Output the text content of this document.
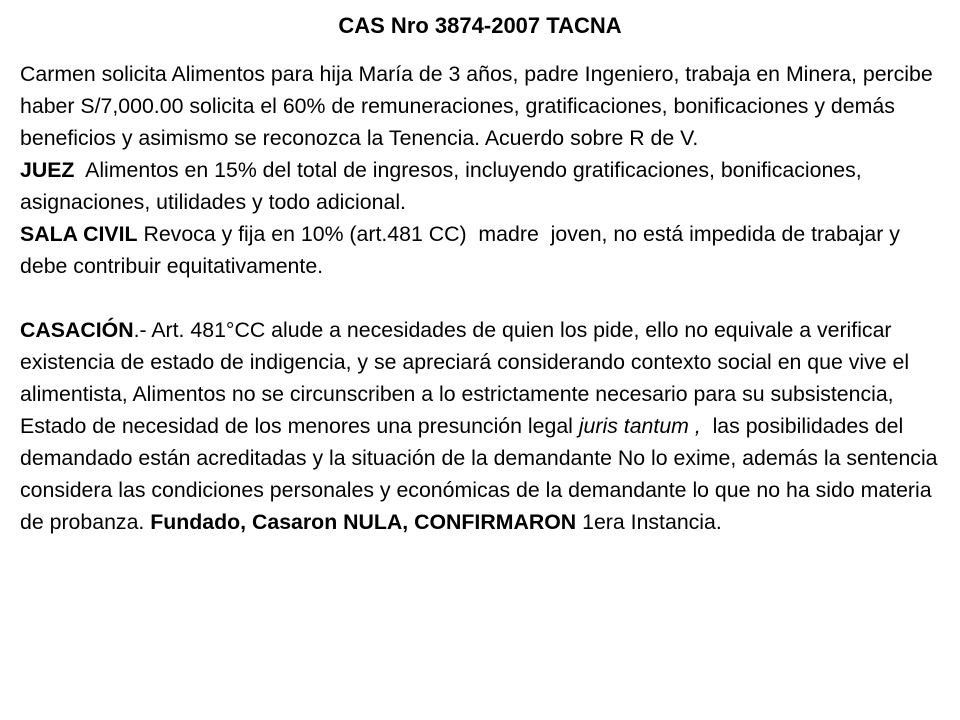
CAS Nro 3874-2007 TACNA

Carmen solicita Alimentos para hija María de 3 años, padre Ingeniero, trabaja en Minera, percibe haber S/7,000.00 solicita el 60% de remuneraciones, gratificaciones, bonificaciones y demás beneficios y asimismo se reconozca la Tenencia. Acuerdo sobre R de V.

JUEZ  Alimentos en 15% del total de ingresos, incluyendo gratificaciones, bonificaciones, asignaciones, utilidades y todo adicional.

SALA CIVIL Revoca y fija en 10% (art.481 CC)  madre  joven, no está impedida de trabajar y debe contribuir equitativamente.

CASACIÓN.- Art. 481°CC alude a necesidades de quien los pide, ello no equivale a verificar existencia de estado de indigencia, y se apreciará considerando contexto social en que vive el alimentista, Alimentos no se circunscriben a lo estrictamente necesario para su subsistencia, Estado de necesidad de los menores una presunción legal juris tantum ,  las posibilidades del demandado están acreditadas y la situación de la demandante No lo exime, además la sentencia considera las condiciones personales y económicas de la demandante lo que no ha sido materia de probanza. Fundado, Casaron NULA, CONFIRMARON 1era Instancia.
